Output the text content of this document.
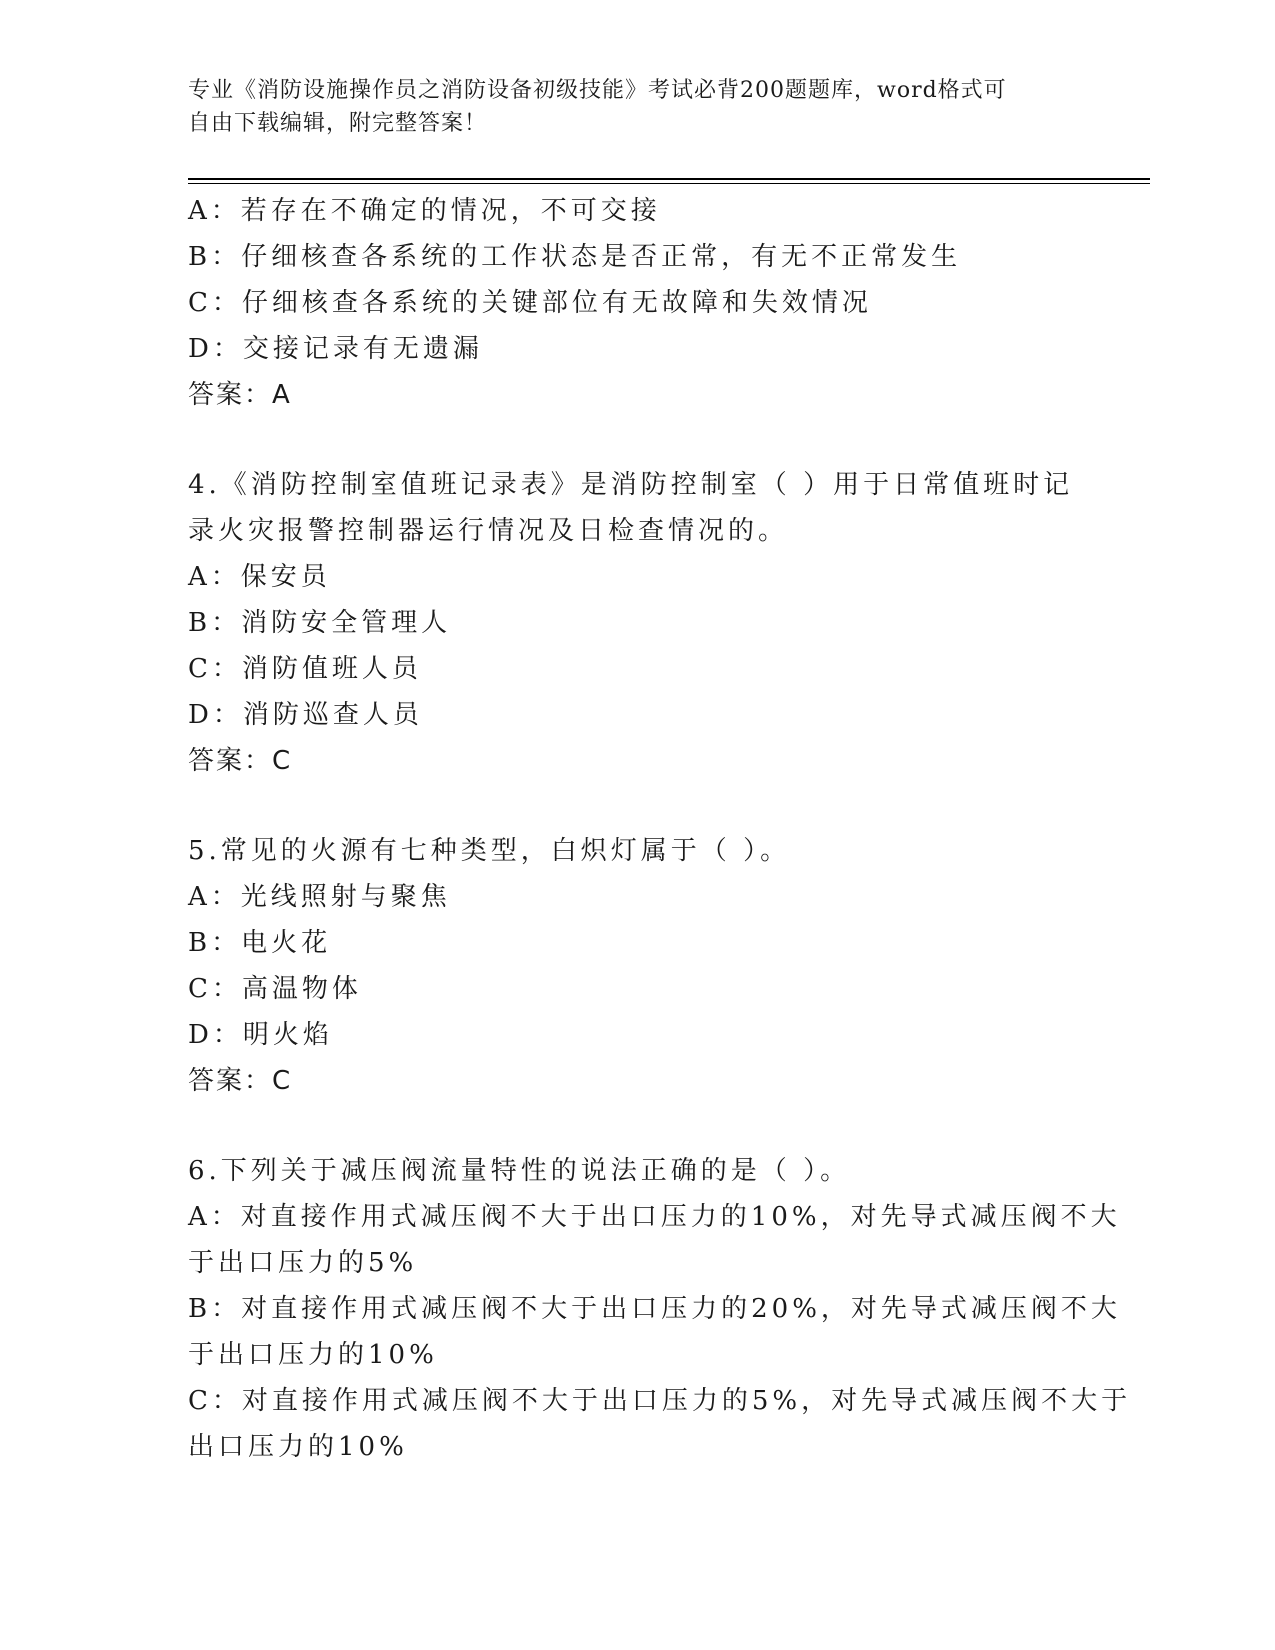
专业《消防设施操作员之消防设备初级技能》考试必背200题题库，word格式可
自由下载编辑，附完整答案！
A：若存在不确定的情况，不可交接
B：仔细核查各系统的工作状态是否正常，有无不正常发生
C：仔细核查各系统的关键部位有无故障和失效情况
D：交接记录有无遗漏
答案：A
4.《消防控制室值班记录表》是消防控制室（ ）用于日常值班时记
录火灾报警控制器运行情况及日检查情况的。
A：保安员
B：消防安全管理人
C：消防值班人员
D：消防巡查人员
答案：C
5.常见的火源有七种类型，白炽灯属于（ ）。
A：光线照射与聚焦
B：电火花
C：高温物体
D：明火焰
答案：C
6.下列关于减压阀流量特性的说法正确的是（ ）。
A：对直接作用式减压阀不大于出口压力的10%，对先导式减压阀不大
于出口压力的5%
B：对直接作用式减压阀不大于出口压力的20%，对先导式减压阀不大
于出口压力的10%
C：对直接作用式减压阀不大于出口压力的5%，对先导式减压阀不大于
出口压力的10%
